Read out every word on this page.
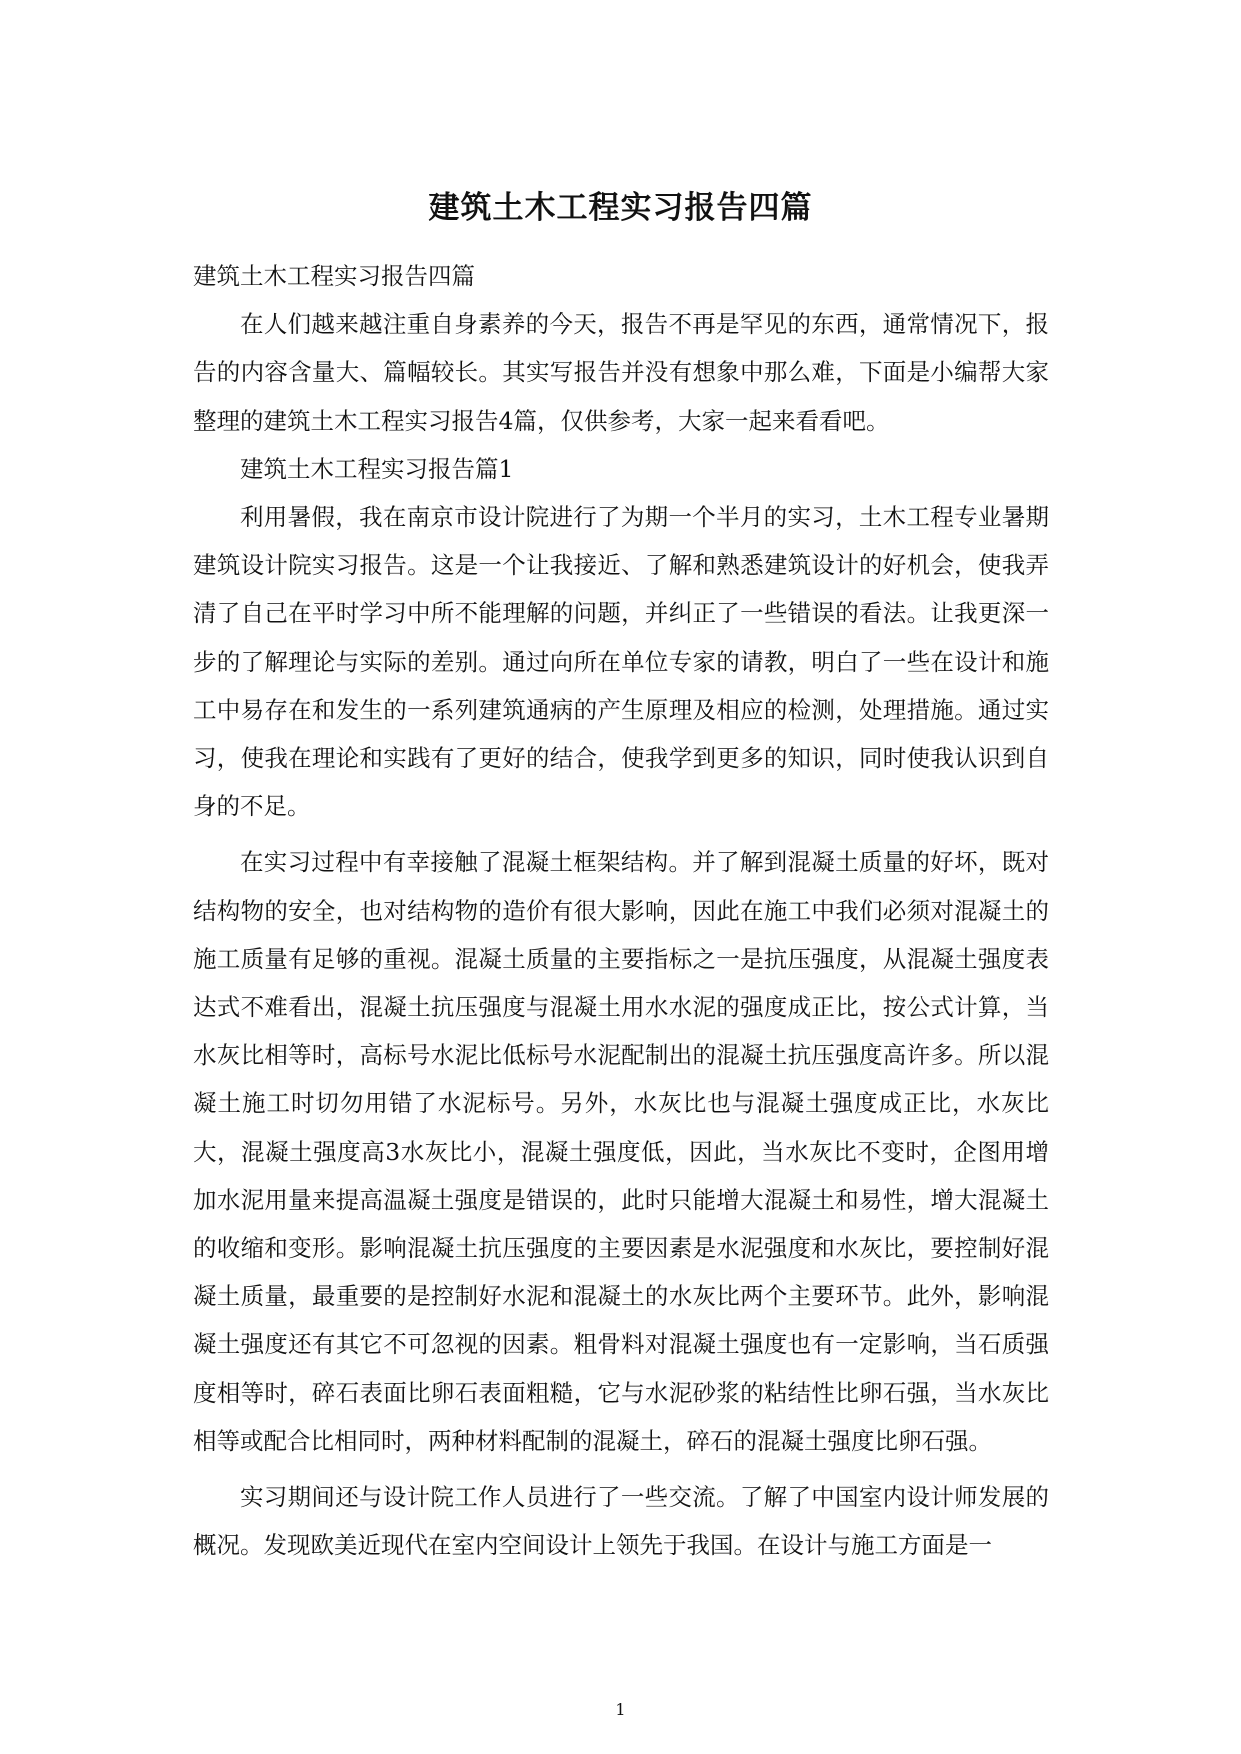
建筑土木工程实习报告四篇

建筑土木工程实习报告四篇

在人们越来越注重自身素养的今天，报告不再是罕见的东西，通常情况下，报告的内容含量大、篇幅较长。其实写报告并没有想象中那么难，下面是小编帮大家整理的建筑土木工程实习报告4篇，仅供参考，大家一起来看看吧。

建筑土木工程实习报告篇1

利用暑假，我在南京市设计院进行了为期一个半月的实习，土木工程专业暑期建筑设计院实习报告。这是一个让我接近、了解和熟悉建筑设计的好机会，使我弄清了自己在平时学习中所不能理解的问题，并纠正了一些错误的看法。让我更深一步的了解理论与实际的差别。通过向所在单位专家的请教，明白了一些在设计和施工中易存在和发生的一系列建筑通病的产生原理及相应的检测，处理措施。通过实习，使我在理论和实践有了更好的结合，使我学到更多的知识，同时使我认识到自身的不足。

在实习过程中有幸接触了混凝土框架结构。并了解到混凝土质量的好坏，既对结构物的安全，也对结构物的造价有很大影响，因此在施工中我们必须对混凝土的施工质量有足够的重视。混凝土质量的主要指标之一是抗压强度，从混凝土强度表达式不难看出，混凝土抗压强度与混凝土用水水泥的强度成正比，按公式计算，当水灰比相等时，高标号水泥比低标号水泥配制出的混凝土抗压强度高许多。所以混凝土施工时切勿用错了水泥标号。另外，水灰比也与混凝土强度成正比，水灰比大，混凝土强度高3水灰比小，混凝土强度低，因此，当水灰比不变时，企图用增加水泥用量来提高温凝土强度是错误的，此时只能增大混凝土和易性，增大混凝土的收缩和变形。影响混凝土抗压强度的主要因素是水泥强度和水灰比，要控制好混凝土质量，最重要的是控制好水泥和混凝土的水灰比两个主要环节。此外，影响混凝土强度还有其它不可忽视的因素。粗骨料对混凝土强度也有一定影响，当石质强度相等时，碎石表面比卵石表面粗糙，它与水泥砂浆的粘结性比卵石强，当水灰比相等或配合比相同时，两种材料配制的混凝土，碎石的混凝土强度比卵石强。

实习期间还与设计院工作人员进行了一些交流。了解了中国室内设计师发展的概况。发现欧美近现代在室内空间设计上领先于我国。在设计与施工方面是一

1
